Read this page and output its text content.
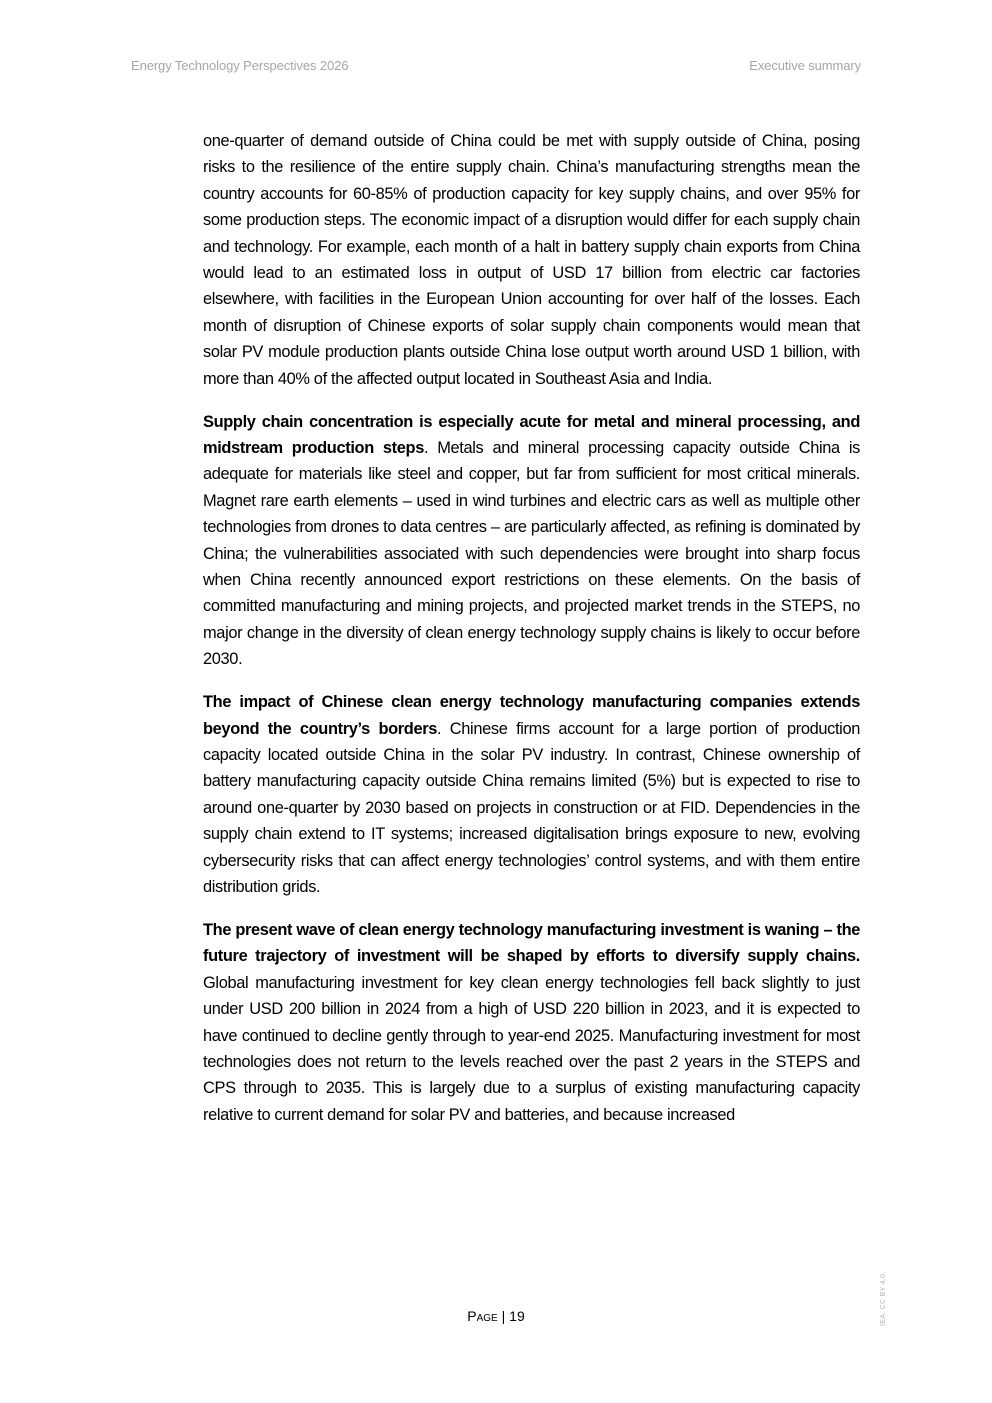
Energy Technology Perspectives 2026	Executive summary

one-quarter of demand outside of China could be met with supply outside of China, posing risks to the resilience of the entire supply chain. China’s manufacturing strengths mean the country accounts for 60-85% of production capacity for key supply chains, and over 95% for some production steps. The economic impact of a disruption would differ for each supply chain and technology. For example, each month of a halt in battery supply chain exports from China would lead to an estimated loss in output of USD 17 billion from electric car factories elsewhere, with facilities in the European Union accounting for over half of the losses. Each month of disruption of Chinese exports of solar supply chain components would mean that solar PV module production plants outside China lose output worth around USD 1 billion, with more than 40% of the affected output located in Southeast Asia and India.

Supply chain concentration is especially acute for metal and mineral processing, and midstream production steps. Metals and mineral processing capacity outside China is adequate for materials like steel and copper, but far from sufficient for most critical minerals. Magnet rare earth elements – used in wind turbines and electric cars as well as multiple other technologies from drones to data centres – are particularly affected, as refining is dominated by China; the vulnerabilities associated with such dependencies were brought into sharp focus when China recently announced export restrictions on these elements. On the basis of committed manufacturing and mining projects, and projected market trends in the STEPS, no major change in the diversity of clean energy technology supply chains is likely to occur before 2030.

The impact of Chinese clean energy technology manufacturing companies extends beyond the country’s borders. Chinese firms account for a large portion of production capacity located outside China in the solar PV industry. In contrast, Chinese ownership of battery manufacturing capacity outside China remains limited (5%) but is expected to rise to around one-quarter by 2030 based on projects in construction or at FID. Dependencies in the supply chain extend to IT systems; increased digitalisation brings exposure to new, evolving cybersecurity risks that can affect energy technologies’ control systems, and with them entire distribution grids.

The present wave of clean energy technology manufacturing investment is waning – the future trajectory of investment will be shaped by efforts to diversify supply chains. Global manufacturing investment for key clean energy technologies fell back slightly to just under USD 200 billion in 2024 from a high of USD 220 billion in 2023, and it is expected to have continued to decline gently through to year-end 2025. Manufacturing investment for most technologies does not return to the levels reached over the past 2 years in the STEPS and CPS through to 2035. This is largely due to a surplus of existing manufacturing capacity relative to current demand for solar PV and batteries, and because increased

Page | 19	IEA. CC BY 4.0.
